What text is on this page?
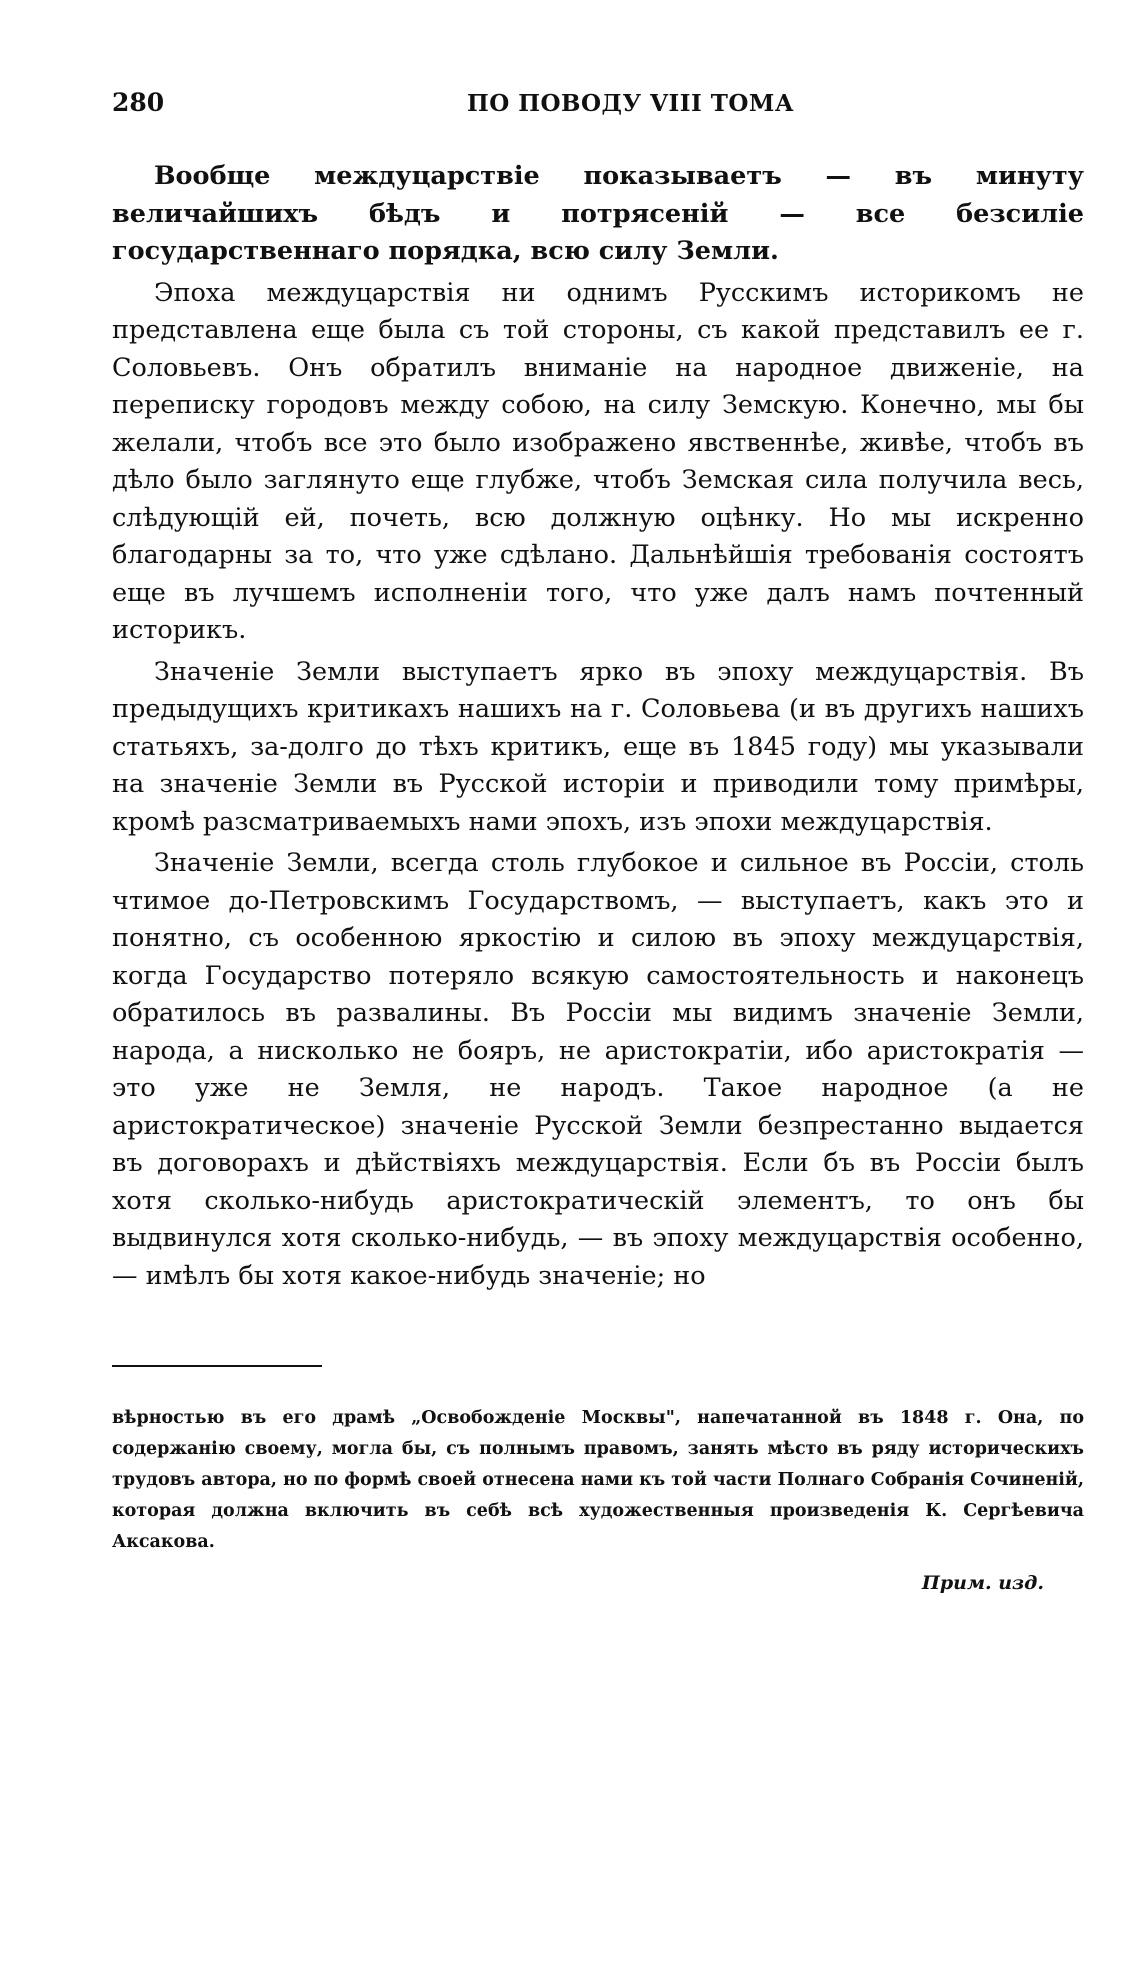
280	ПО ПОВОДУ VIII ТОМА

Вообще междуцарствіе показываетъ — въ минуту величайшихъ бѣдъ и потрясеній — все безсиліе государственнаго порядка, всю силу Земли.

Эпоха междуцарствія ни однимъ Русскимъ историкомъ не представлена еще была съ той стороны, съ какой представилъ ее г. Соловьевъ. Онъ обратилъ вниманіе на народное движеніе, на переписку городовъ между собою, на силу Земскую. Конечно, мы бы желали, чтобъ все это было изображено явственнѣе, живѣе, чтобъ въ дѣло было заглянуто еще глубже, чтобъ Земская сила получила весь, слѣдующій ей, почеть, всю должную оцѣнку. Но мы искренно благодарны за то, что уже сдѣлано. Дальнѣйшія требованія состоятъ еще въ лучшемъ исполненіи того, что уже далъ намъ почтенный историкъ.

Значеніе Земли выступаетъ ярко въ эпоху междуцарствія. Въ предыдущихъ критикахъ нашихъ на г. Соловьева (и въ другихъ нашихъ статьяхъ, за-долго до тѣхъ критикъ, еще въ 1845 году) мы указывали на значеніе Земли въ Русской исторіи и приводили тому примѣры, кромѣ разсматриваемыхъ нами эпохъ, изъ эпохи междуцарствія.

Значеніе Земли, всегда столь глубокое и сильное въ Россіи, столь чтимое до-Петровскимъ Государствомъ, — выступаетъ, какъ это и понятно, съ особенною яркостію и силою въ эпоху междуцарствія, когда Государство потеряло всякую самостоятельность и наконецъ обратилось въ развалины. Въ Россіи мы видимъ значеніе Земли, народа, а нисколько не бояръ, не аристократіи, ибо аристократія — это уже не Земля, не народъ. Такое народное (а не аристократическое) значеніе Русской Земли безпрестанно выдается въ договорахъ и дѣйствіяхъ междуцарствія. Если бъ въ Россіи былъ хотя сколько-нибудь аристократическій элементъ, то онъ бы выдвинулся хотя сколько-нибудь, — въ эпоху междуцарствія особенно, — имѣлъ бы хотя какое-нибудь значеніе; но

вѣрностью въ его драмѣ „Освобожденіе Москвы", напечатанной въ 1848 г. Она, по содержанію своему, могла бы, съ полнымъ правомъ, занять мѣсто въ ряду историческихъ трудовъ автора, но по формѣ своей отнесена нами къ той части Полнаго Собранія Сочиненій, которая должна включить въ себѣ всѣ художественныя произведенія К. Сергѣевича Аксакова.
Прим. изд.
